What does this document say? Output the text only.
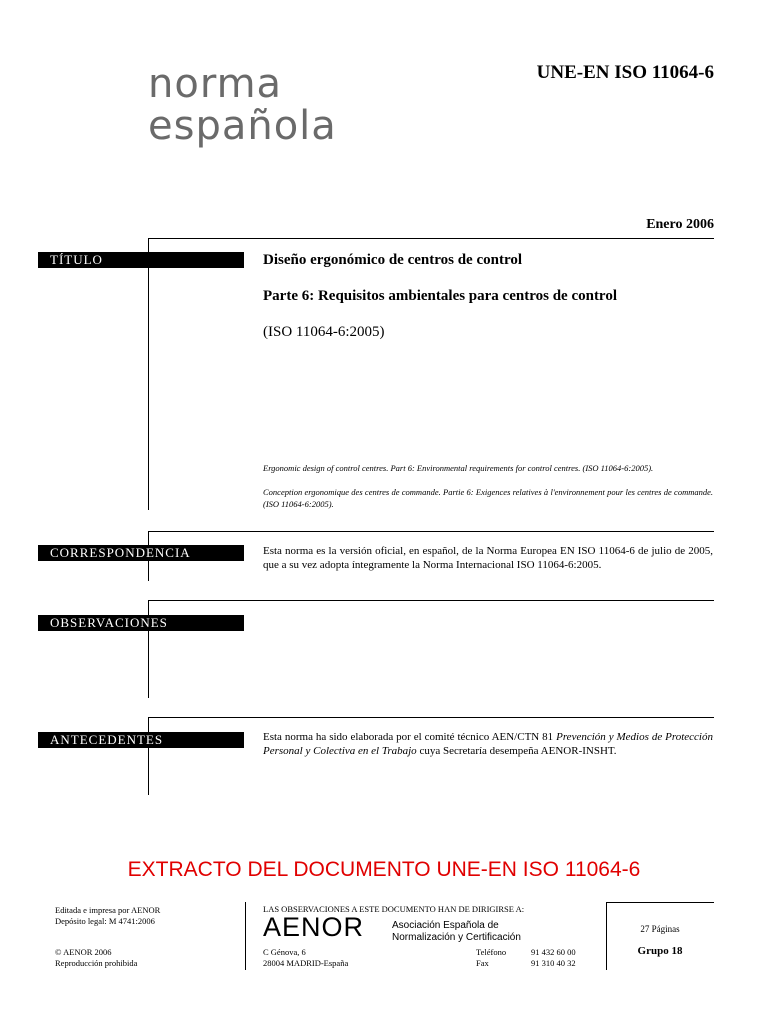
norma
española
UNE-EN ISO 11064-6
Enero 2006
TÍTULO	Diseño ergonómico de centros de control
Parte 6: Requisitos ambientales para centros de control
(ISO 11064-6:2005)
Ergonomic design of control centres. Part 6: Environmental requirements for control centres. (ISO 11064-6:2005).
Conception ergonomique des centres de commande. Partie 6: Exigences relatives à l'environnement pour les centres de commande. (ISO 11064-6:2005).
CORRESPONDENCIA	Esta norma es la versión oficial, en español, de la Norma Europea EN ISO 11064-6 de julio de 2005, que a su vez adopta íntegramente la Norma Internacional ISO 11064-6:2005.
OBSERVACIONES
ANTECEDENTES	Esta norma ha sido elaborada por el comité técnico AEN/CTN 81 Prevención y Medios de Protección Personal y Colectiva en el Trabajo cuya Secretaría desempeña AENOR-INSHT.
EXTRACTO DEL DOCUMENTO UNE-EN ISO 11064-6
Editada e impresa por AENOR
Depósito legal: M 4741:2006
© AENOR 2006
Reproducción prohibida
LAS OBSERVACIONES A ESTE DOCUMENTO HAN DE DIRIGIRSE A:
AENOR	Asociación Española de
Normalización y Certificación
C Génova, 6
28004 MADRID-España
Teléfono	91 432 60 00
Fax	91 310 40 32
27 Páginas
Grupo 18
